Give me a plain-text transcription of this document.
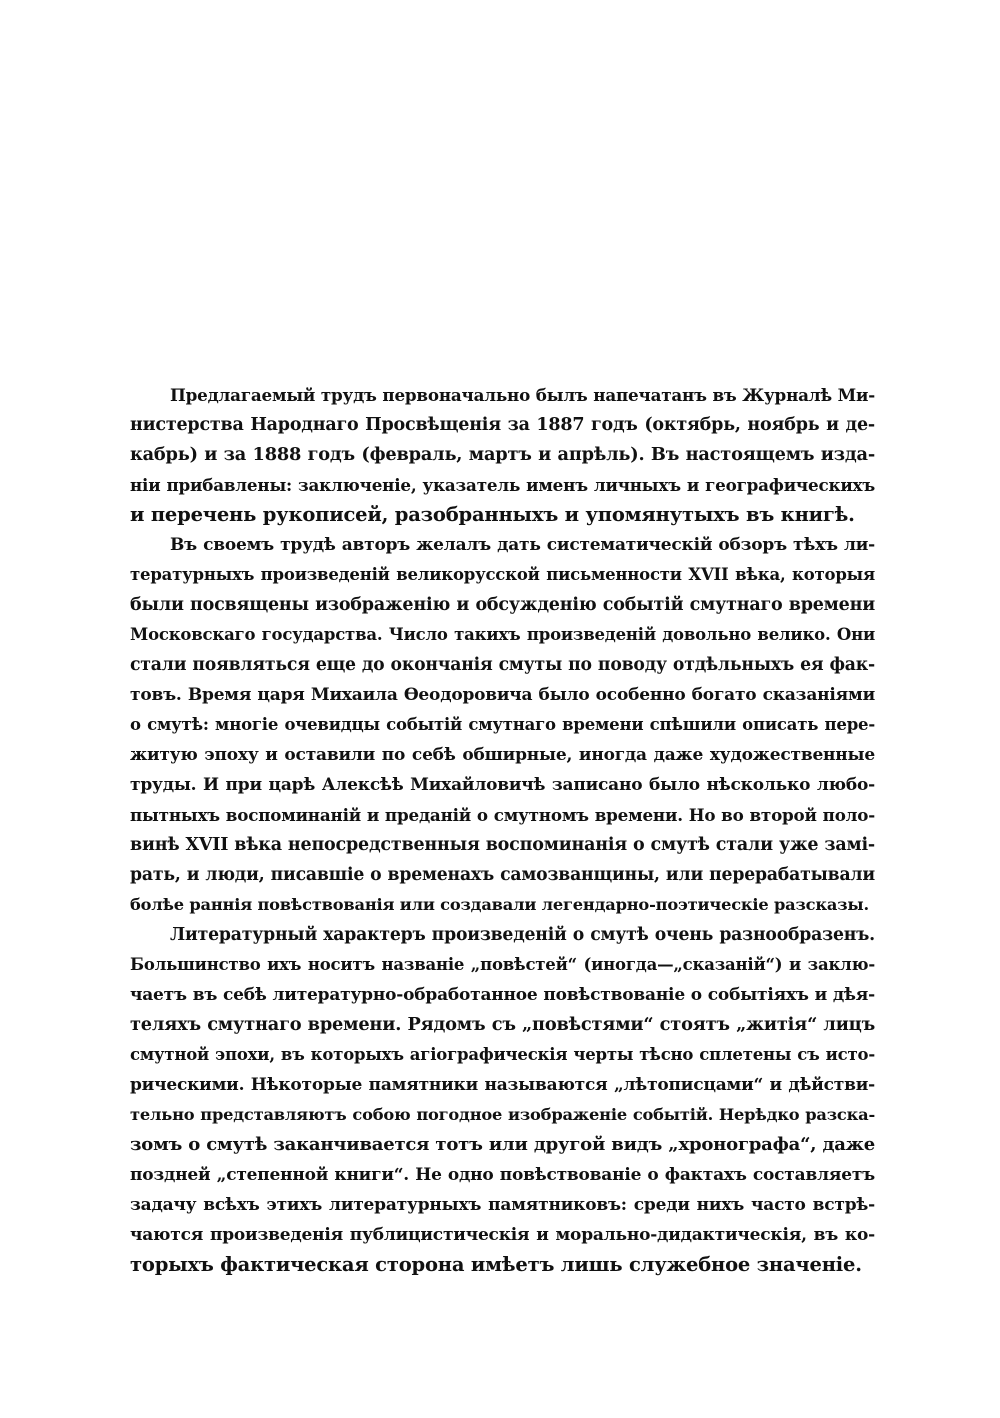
Предлагаемый трудъ первоначально былъ напечатанъ въ Журналѣ Ми-
нистерства Народнаго Просвѣщенія за 1887 годъ (октябрь, ноябрь и де-
кабрь) и за 1888 годъ (февраль, мартъ и апрѣль). Въ настоящемъ изда-
ніи прибавлены: заключеніе, указатель именъ личныхъ и географическихъ
и перечень рукописей, разобранныхъ и упомянутыхъ въ книгѣ.
Въ своемъ трудѣ авторъ желалъ дать систематическій обзоръ тѣхъ ли-
тературныхъ произведеній великорусской письменности XVII вѣка, которыя
были посвящены изображенію и обсужденію событій смутнаго времени
Московскаго государства. Число такихъ произведеній довольно велико. Они
стали появляться еще до окончанія смуты по поводу отдѣльныхъ ея фак-
товъ. Время царя Михаила Ѳеодоровича было особенно богато сказаніями
о смутѣ: многіе очевидцы событій смутнаго времени спѣшили описать пере-
житую эпоху и оставили по себѣ обширные, иногда даже художественные
труды. И при царѣ Алексѣѣ Михайловичѣ записано было нѣсколько любо-
пытныхъ воспоминаній и преданій о смутномъ времени. Но во второй поло-
винѣ XVII вѣка непосредственныя воспоминанія о смутѣ стали уже замі-
рать, и люди, писавшіе о временахъ самозванщины, или перерабатывали
болѣе раннія повѣствованія или создавали легендарно-поэтическіе разсказы.
Литературный характеръ произведеній о смутѣ очень разнообразенъ.
Большинство ихъ носитъ названіе „повѣстей“ (иногда—„сказаній“) и заклю-
чаетъ въ себѣ литературно-обработанное повѣствованіе о событіяхъ и дѣя-
теляхъ смутнаго времени. Рядомъ съ „повѣстями“ стоятъ „житія“ лицъ
смутной эпохи, въ которыхъ агіографическія черты тѣсно сплетены съ исто-
рическими. Нѣкоторые памятники называются „лѣтописцами“ и дѣйстви-
тельно представляютъ собою погодное изображеніе событій. Нерѣдко разска-
зомъ о смутѣ заканчивается тотъ или другой видъ „хронографа“, даже
поздней „степенной книги“. Не одно повѣствованіе о фактахъ составляетъ
задачу всѣхъ этихъ литературныхъ памятниковъ: среди нихъ часто встрѣ-
чаются произведенія публицистическія и морально-дидактическія, въ ко-
торыхъ фактическая сторона имѣетъ лишь служебное значеніе.
